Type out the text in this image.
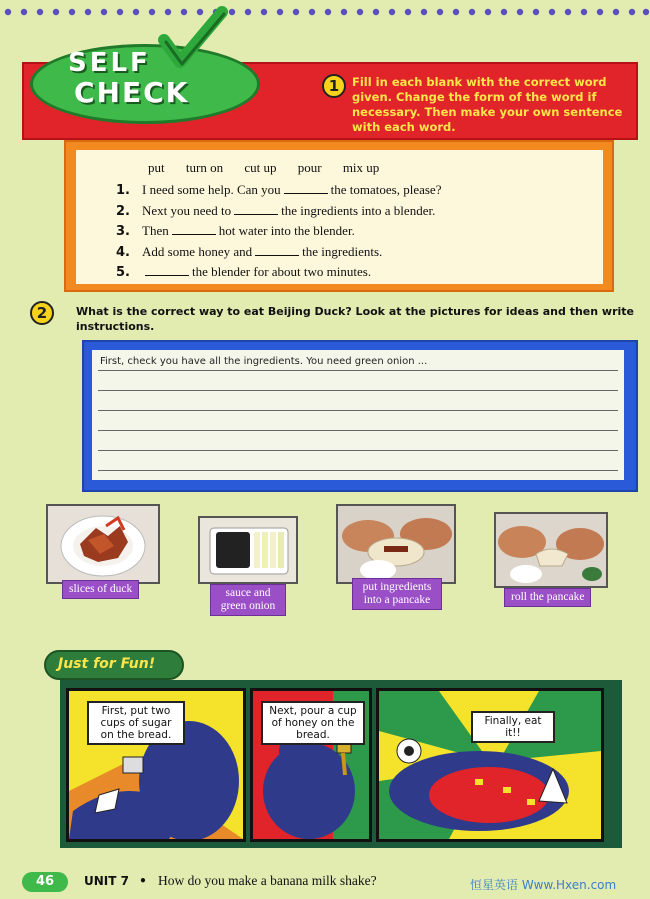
SELF
CHECK	1	Fill in each blank with the correct word given. Change the form of the word if necessary. Then make your own sentence with each word.
put turn on cut up pour mix up
1. I need some help. Can you	the tomatoes, please?
2. Next you need to	the ingredients into a blender.
3. Then	hot water into the blender.
4. Add some honey and	the ingredients.
5.	the blender for about two minutes.
2	What is the correct way to eat Beijing Duck? Look at the pictures for ideas and then write instructions.
First, check you have all the ingredients. You need green onion ...
slices of duck	sauce and green onion
put ingredients into a pancake	roll the pancake
Just for Fun!
First, put two cups of sugar on the bread.
Next, pour a cup of honey on the bread.
Finally, eat it!!
46	UNIT 7 • How do you make a banana milk shake?	恒星英语 Www.Hxen.com
